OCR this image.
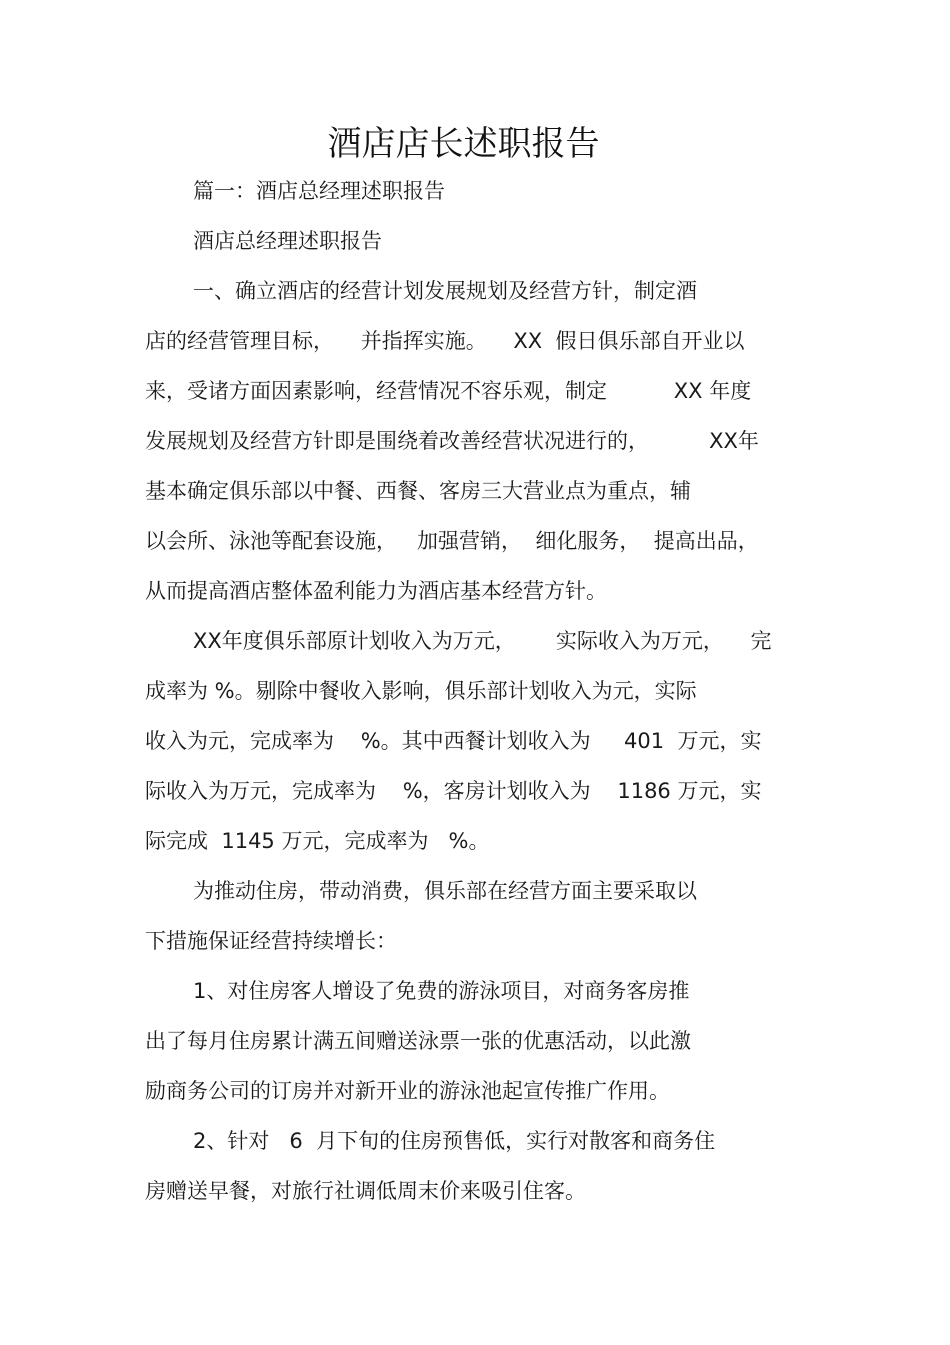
酒店店长述职报告
篇一：酒店总经理述职报告
酒店总经理述职报告
一、确立酒店的经营计划发展规划及经营方针，制定酒
店的经营管理目标，    并指挥实施。    XX  假日俱乐部自开业以
来，受诸方面因素影响，经营情况不容乐观，制定          XX 年度
发展规划及经营方针即是围绕着改善经营状况进行的，         XX年
基本确定俱乐部以中餐、西餐、客房三大营业点为重点，辅
以会所、泳池等配套设施，   加强营销，  细化服务，  提高出品，
从而提高酒店整体盈利能力为酒店基本经营方针。
XX年度俱乐部原计划收入为万元，      实际收入为万元，    完
成率为 %。剔除中餐收入影响，俱乐部计划收入为元，实际
收入为元，完成率为    %。其中西餐计划收入为     401  万元，实
际收入为万元，完成率为    %，客房计划收入为    1186 万元，实
际完成  1145 万元，完成率为   %。
为推动住房，带动消费，俱乐部在经营方面主要采取以
下措施保证经营持续增长：
1、对住房客人增设了免费的游泳项目，对商务客房推
出了每月住房累计满五间赠送泳票一张的优惠活动，以此激
励商务公司的订房并对新开业的游泳池起宣传推广作用。
2、针对   6  月下旬的住房预售低，实行对散客和商务住
房赠送早餐，对旅行社调低周末价来吸引住客。
